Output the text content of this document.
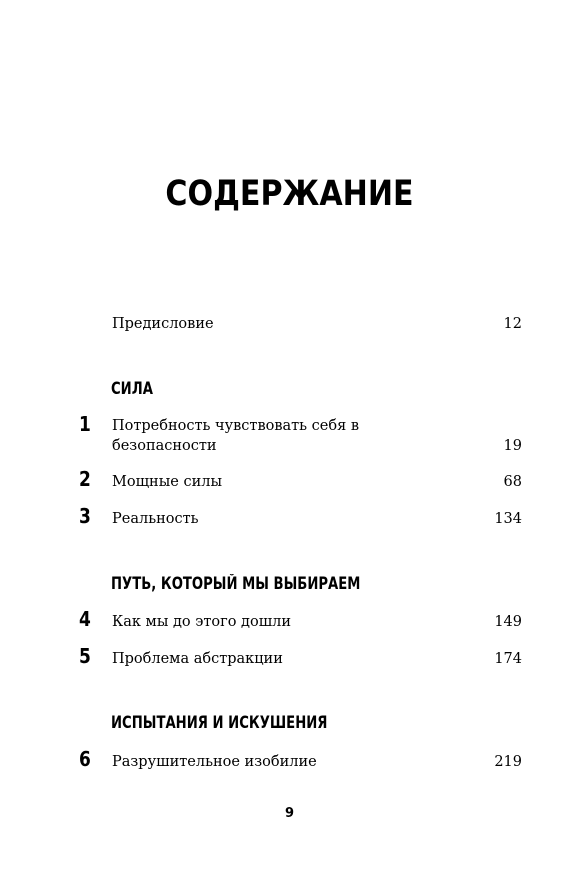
СОДЕРЖАНИЕ
Предисловие	12
СИЛА
1 Потребность чувствовать себя в безопасности	19
2 Мощные силы	68
3 Реальность	134
ПУТЬ, КОТОРЫЙ МЫ ВЫБИРАЕМ
4 Как мы до этого дошли	149
5 Проблема абстракции	174
ИСПЫТАНИЯ И ИСКУШЕНИЯ
6 Разрушительное изобилие	219
9
